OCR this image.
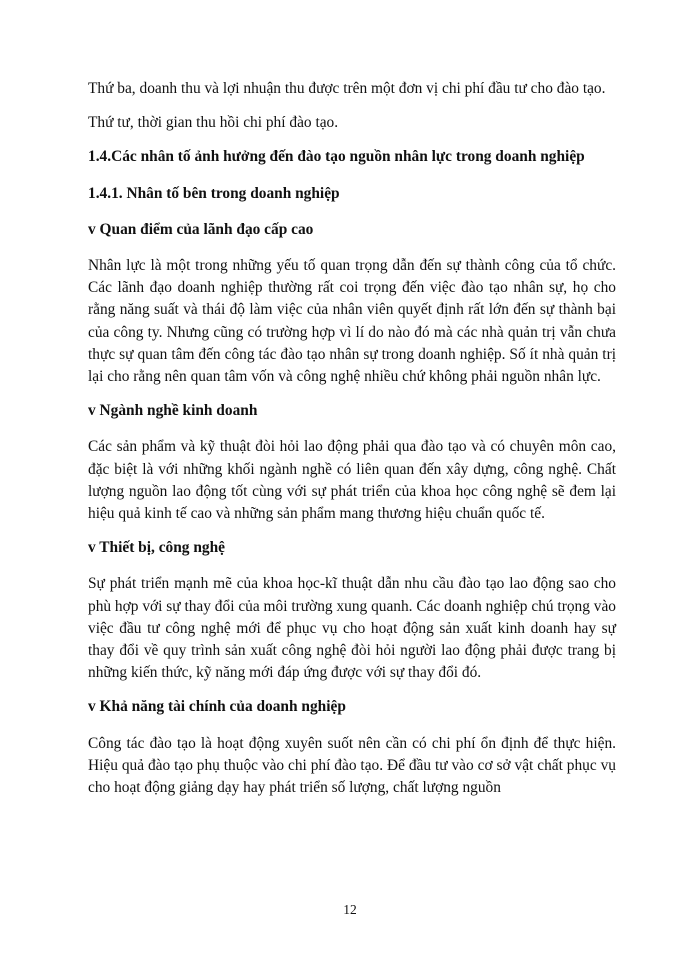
Thứ ba, doanh thu và lợi nhuận thu được trên một đơn vị chi phí đầu tư cho đào tạo.

Thứ tư, thời gian thu hồi chi phí đào tạo.

1.4.Các nhân tố ảnh hưởng đến đào tạo nguồn nhân lực trong doanh nghiệp

1.4.1. Nhân tố bên trong doanh nghiệp

v Quan điểm của lãnh đạo cấp cao

Nhân lực là một trong những yếu tố quan trọng dẫn đến sự thành công của tổ chức. Các lãnh đạo doanh nghiệp thường rất coi trọng đến việc đào tạo nhân sự, họ cho rằng năng suất và thái độ làm việc của nhân viên quyết định rất lớn đến sự thành bại của công ty. Nhưng cũng có trường hợp vì lí do nào đó mà các nhà quản trị vẫn chưa thực sự quan tâm đến công tác đào tạo nhân sự trong doanh nghiệp. Số ít nhà quản trị lại cho rằng nên quan tâm vốn và công nghệ nhiều chứ không phải nguồn nhân lực.

v Ngành nghề kinh doanh

Các sản phẩm và kỹ thuật đòi hỏi lao động phải qua đào tạo và có chuyên môn cao, đặc biệt là với những khối ngành nghề có liên quan đến xây dựng, công nghệ. Chất lượng nguồn lao động tốt cùng với sự phát triển của khoa học công nghệ sẽ đem lại hiệu quả kinh tế cao và những sản phẩm mang thương hiệu chuẩn quốc tế.

v Thiết bị, công nghệ

Sự phát triển mạnh mẽ của khoa học-kĩ thuật dẫn nhu cầu đào tạo lao động sao cho phù hợp với sự thay đổi của môi trường xung quanh. Các doanh nghiệp chú trọng vào việc đầu tư công nghệ mới để phục vụ cho hoạt động sản xuất kinh doanh hay sự thay đổi về quy trình sản xuất công nghệ đòi hỏi người lao động phải được trang bị những kiến thức, kỹ năng mới đáp ứng được với sự thay đổi đó.

v Khả năng tài chính của doanh nghiệp

Công tác đào tạo là hoạt động xuyên suốt nên cần có chi phí ổn định để thực hiện. Hiệu quả đào tạo phụ thuộc vào chi phí đào tạo. Để đầu tư vào cơ sở vật chất phục vụ cho hoạt động giảng dạy hay phát triển số lượng, chất lượng nguồn

12
